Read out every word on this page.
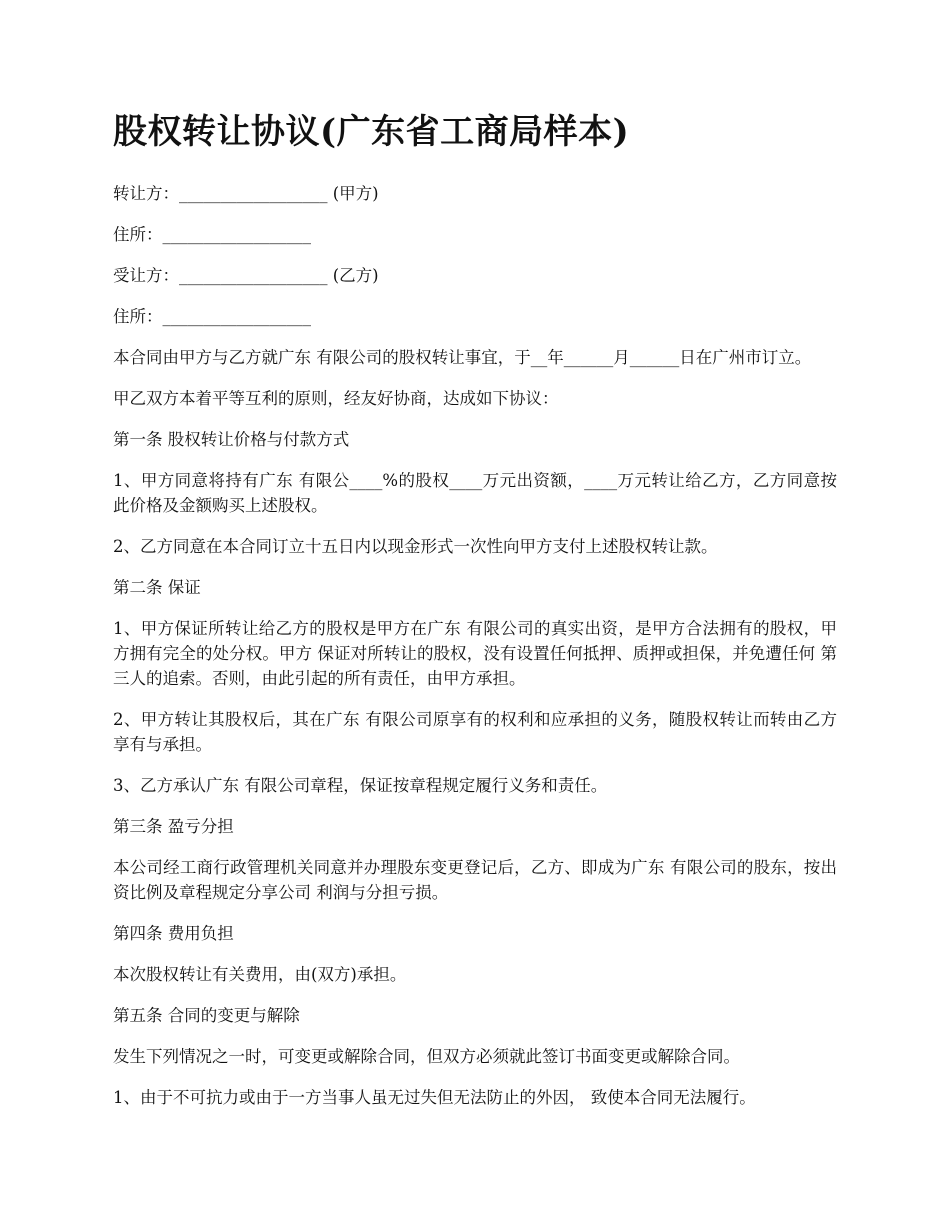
股权转让协议(广东省工商局样本)

转让方：__________________ (甲方)

住所：__________________

受让方：__________________ (乙方)

住所：__________________

本合同由甲方与乙方就广东 有限公司的股权转让事宜，于__年______月______日在广州市订立。

甲乙双方本着平等互利的原则，经友好协商，达成如下协议：

第一条 股权转让价格与付款方式

1、甲方同意将持有广东 有限公____%的股权____万元出资额，____万元转让给乙方，乙方同意按此价格及金额购买上述股权。

2、乙方同意在本合同订立十五日内以现金形式一次性向甲方支付上述股权转让款。

第二条 保证

1、甲方保证所转让给乙方的股权是甲方在广东 有限公司的真实出资，是甲方合法拥有的股权，甲方拥有完全的处分权。甲方 保证对所转让的股权，没有设置任何抵押、质押或担保，并免遭任何 第三人的追索。否则，由此引起的所有责任，由甲方承担。

2、甲方转让其股权后，其在广东 有限公司原享有的权利和应承担的义务，随股权转让而转由乙方享有与承担。

3、乙方承认广东 有限公司章程，保证按章程规定履行义务和责任。

第三条 盈亏分担

本公司经工商行政管理机关同意并办理股东变更登记后，乙方、即成为广东 有限公司的股东，按出资比例及章程规定分享公司 利润与分担亏损。

第四条 费用负担

本次股权转让有关费用，由(双方)承担。

第五条 合同的变更与解除

发生下列情况之一时，可变更或解除合同，但双方必须就此签订书面变更或解除合同。

1、由于不可抗力或由于一方当事人虽无过失但无法防止的外因， 致使本合同无法履行。
